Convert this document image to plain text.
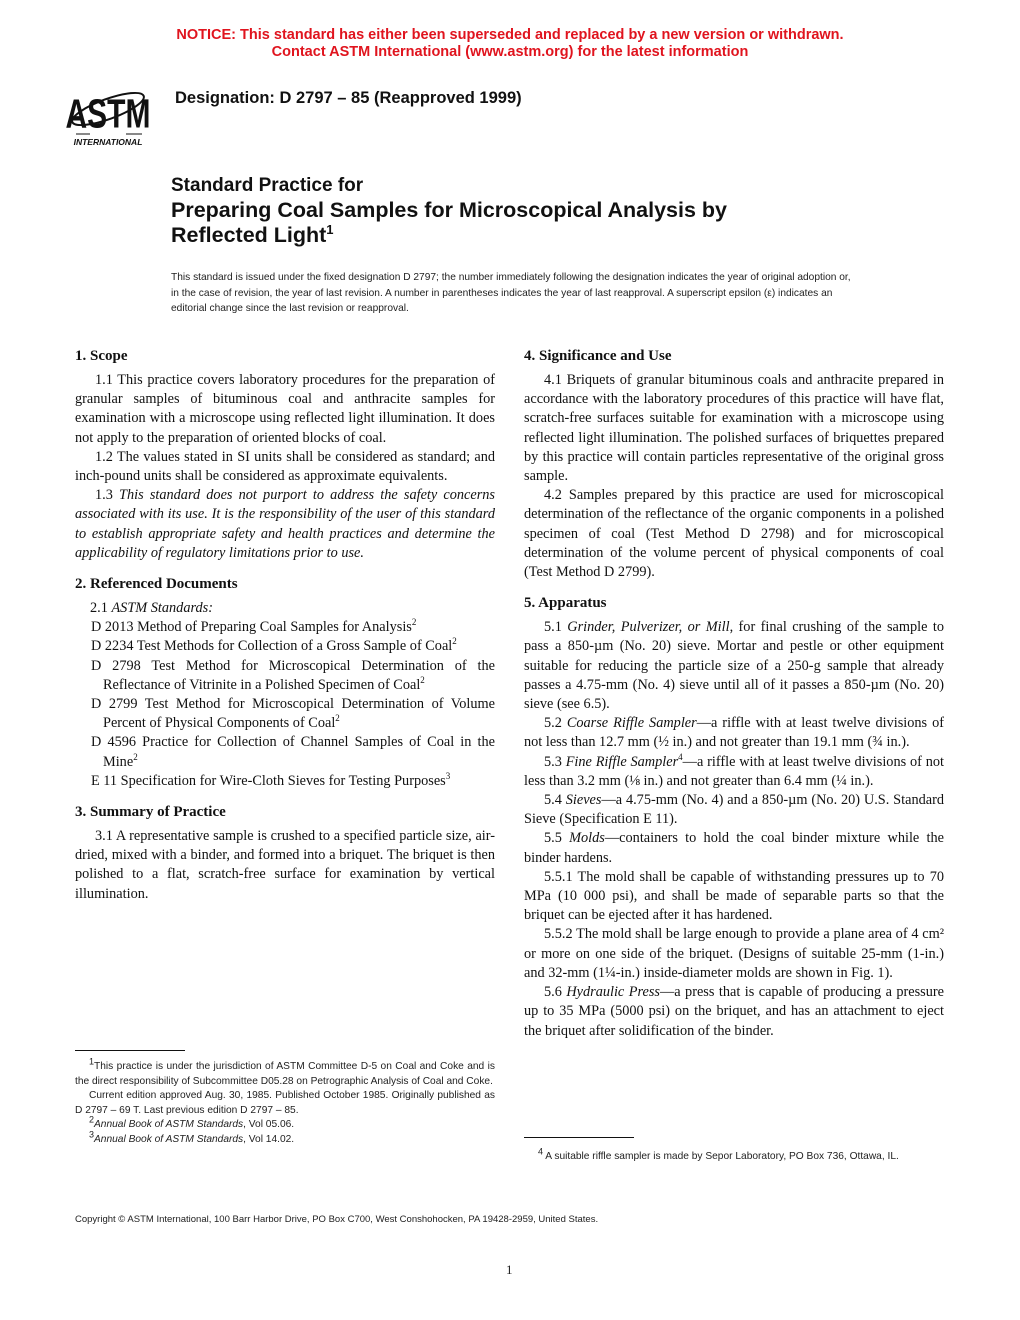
NOTICE: This standard has either been superseded and replaced by a new version or withdrawn.
Contact ASTM International (www.astm.org) for the latest information
ASTM
INTERNATIONAL
Designation: D 2797 – 85 (Reapproved 1999)
Standard Practice for
Preparing Coal Samples for Microscopical Analysis by
Reflected Light$^1$
This standard is issued under the fixed designation D 2797; the number immediately following the designation indicates the year of original adoption or, in the case of revision, the year of last revision. A number in parentheses indicates the year of last reapproval. A superscript epsilon (ε) indicates an editorial change since the last revision or reapproval.
1. Scope

1.1 This practice covers laboratory procedures for the preparation of granular samples of bituminous coal and anthracite samples for examination with a microscope using reflected light illumination. It does not apply to the preparation of oriented blocks of coal.

1.2 The values stated in SI units shall be considered as standard; and inch-pound units shall be considered as approximate equivalents.

1.3 This standard does not purport to address the safety concerns associated with its use. It is the responsibility of the user of this standard to establish appropriate safety and health practices and determine the applicability of regulatory limitations prior to use.

2. Referenced Documents

2.1 ASTM Standards:

D 2013 Method of Preparing Coal Samples for Analysis$^2$

D 2234 Test Methods for Collection of a Gross Sample of Coal$^2$

D 2798 Test Method for Microscopical Determination of the Reflectance of Vitrinite in a Polished Specimen of Coal$^2$

D 2799 Test Method for Microscopical Determination of Volume Percent of Physical Components of Coal$^2$

D 4596 Practice for Collection of Channel Samples of Coal in the Mine$^2$

E 11 Specification for Wire-Cloth Sieves for Testing Purposes$^3$

3. Summary of Practice

3.1 A representative sample is crushed to a specified particle size, air-dried, mixed with a binder, and formed into a briquet. The briquet is then polished to a flat, scratch-free surface for examination by vertical illumination.

4. Significance and Use

4.1 Briquets of granular bituminous coals and anthracite prepared in accordance with the laboratory procedures of this practice will have flat, scratch-free surfaces suitable for examination with a microscope using reflected light illumination. The polished surfaces of briquettes prepared by this practice will contain particles representative of the original gross sample.

4.2 Samples prepared by this practice are used for microscopical determination of the reflectance of the organic components in a polished specimen of coal (Test Method D 2798) and for microscopical determination of the volume percent of physical components of coal (Test Method D 2799).

5. Apparatus

5.1 Grinder, Pulverizer, or Mill, for final crushing of the sample to pass a 850-µm (No. 20) sieve. Mortar and pestle or other equipment suitable for reducing the particle size of a 250-g sample that already passes a 4.75-mm (No. 4) sieve until all of it passes a 850-µm (No. 20) sieve (see 6.5).

5.2 Coarse Riffle Sampler—a riffle with at least twelve divisions of not less than 12.7 mm (½ in.) and not greater than 19.1 mm (¾ in.).

5.3 Fine Riffle Sampler$^4$—a riffle with at least twelve divisions of not less than 3.2 mm (⅛ in.) and not greater than 6.4 mm (¼ in.).

5.4 Sieves—a 4.75-mm (No. 4) and a 850-µm (No. 20) U.S. Standard Sieve (Specification E 11).

5.5 Molds—containers to hold the coal binder mixture while the binder hardens.

5.5.1 The mold shall be capable of withstanding pressures up to 70 MPa (10 000 psi), and shall be made of separable parts so that the briquet can be ejected after it has hardened.

5.5.2 The mold shall be large enough to provide a plane area of 4 cm² or more on one side of the briquet. (Designs of suitable 25-mm (1-in.) and 32-mm (1¼-in.) inside-diameter molds are shown in Fig. 1).

5.6 Hydraulic Press—a press that is capable of producing a pressure up to 35 MPa (5000 psi) on the briquet, and has an attachment to eject the briquet after solidification of the binder.

$^1$This practice is under the jurisdiction of ASTM Committee D-5 on Coal and Coke and is the direct responsibility of Subcommittee D05.28 on Petrographic Analysis of Coal and Coke.

Current edition approved Aug. 30, 1985. Published October 1985. Originally published as D 2797 – 69 T. Last previous edition D 2797 – 85.

$^2$Annual Book of ASTM Standards, Vol 05.06.

$^3$Annual Book of ASTM Standards, Vol 14.02.

$^4$ A suitable riffle sampler is made by Sepor Laboratory, PO Box 736, Ottawa, IL.

Copyright © ASTM International, 100 Barr Harbor Drive, PO Box C700, West Conshohocken, PA 19428-2959, United States.
1
